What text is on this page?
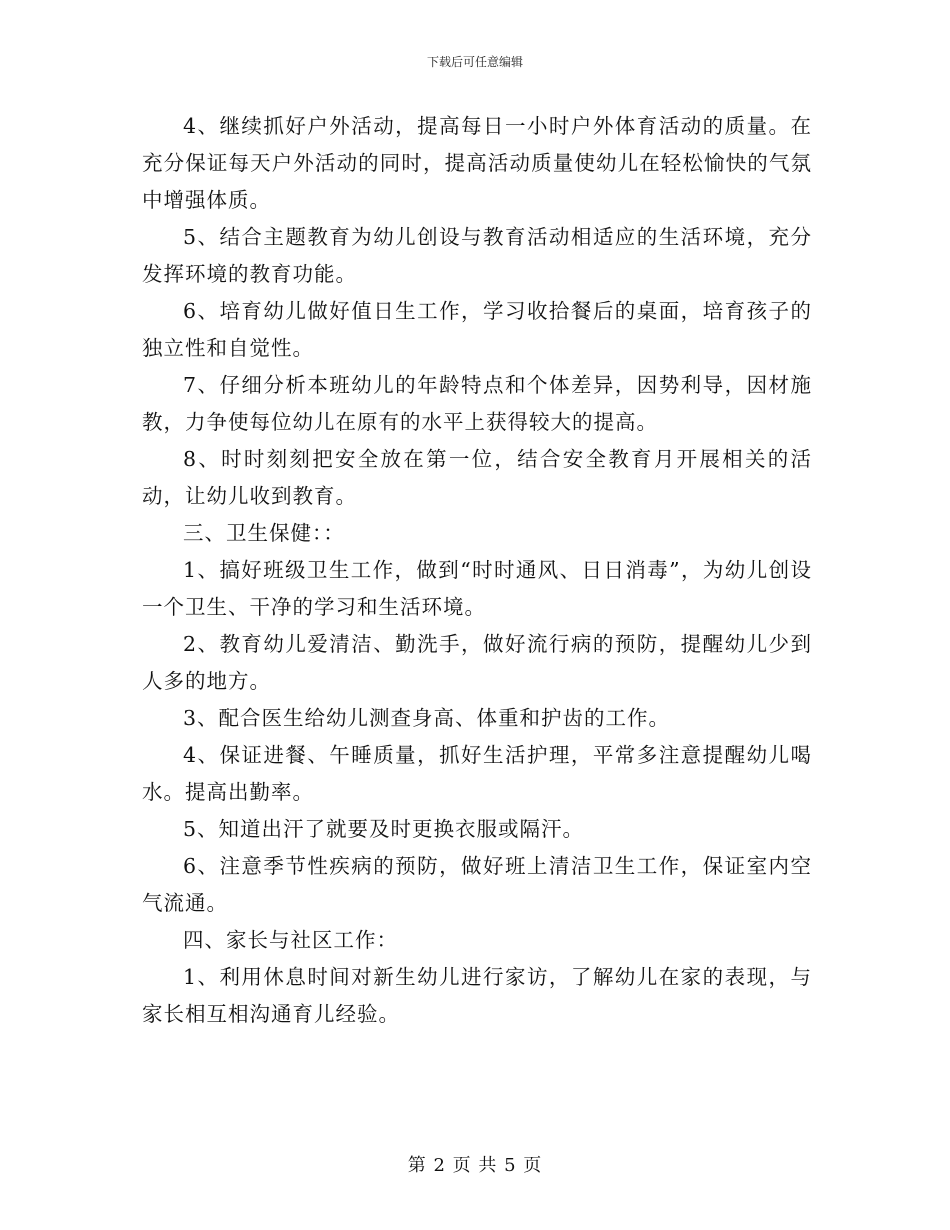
下载后可任意编辑

4、继续抓好户外活动，提高每日一小时户外体育活动的质量。在充分保证每天户外活动的同时，提高活动质量使幼儿在轻松愉快的气氛中增强体质。

5、结合主题教育为幼儿创设与教育活动相适应的生活环境，充分发挥环境的教育功能。

6、培育幼儿做好值日生工作，学习收拾餐后的桌面，培育孩子的独立性和自觉性。

7、仔细分析本班幼儿的年龄特点和个体差异，因势利导，因材施教，力争使每位幼儿在原有的水平上获得较大的提高。

8、时时刻刻把安全放在第一位，结合安全教育月开展相关的活动，让幼儿收到教育。

三、卫生保健：：

1、搞好班级卫生工作，做到“时时通风、日日消毒”，为幼儿创设一个卫生、干净的学习和生活环境。

2、教育幼儿爱清洁、勤洗手，做好流行病的预防，提醒幼儿少到人多的地方。

3、配合医生给幼儿测查身高、体重和护齿的工作。

4、保证进餐、午睡质量，抓好生活护理，平常多注意提醒幼儿喝水。提高出勤率。

5、知道出汗了就要及时更换衣服或隔汗。

6、注意季节性疾病的预防，做好班上清洁卫生工作，保证室内空气流通。

四、家长与社区工作：

1、利用休息时间对新生幼儿进行家访，了解幼儿在家的表现，与家长相互相沟通育儿经验。

第 2 页 共 5 页
